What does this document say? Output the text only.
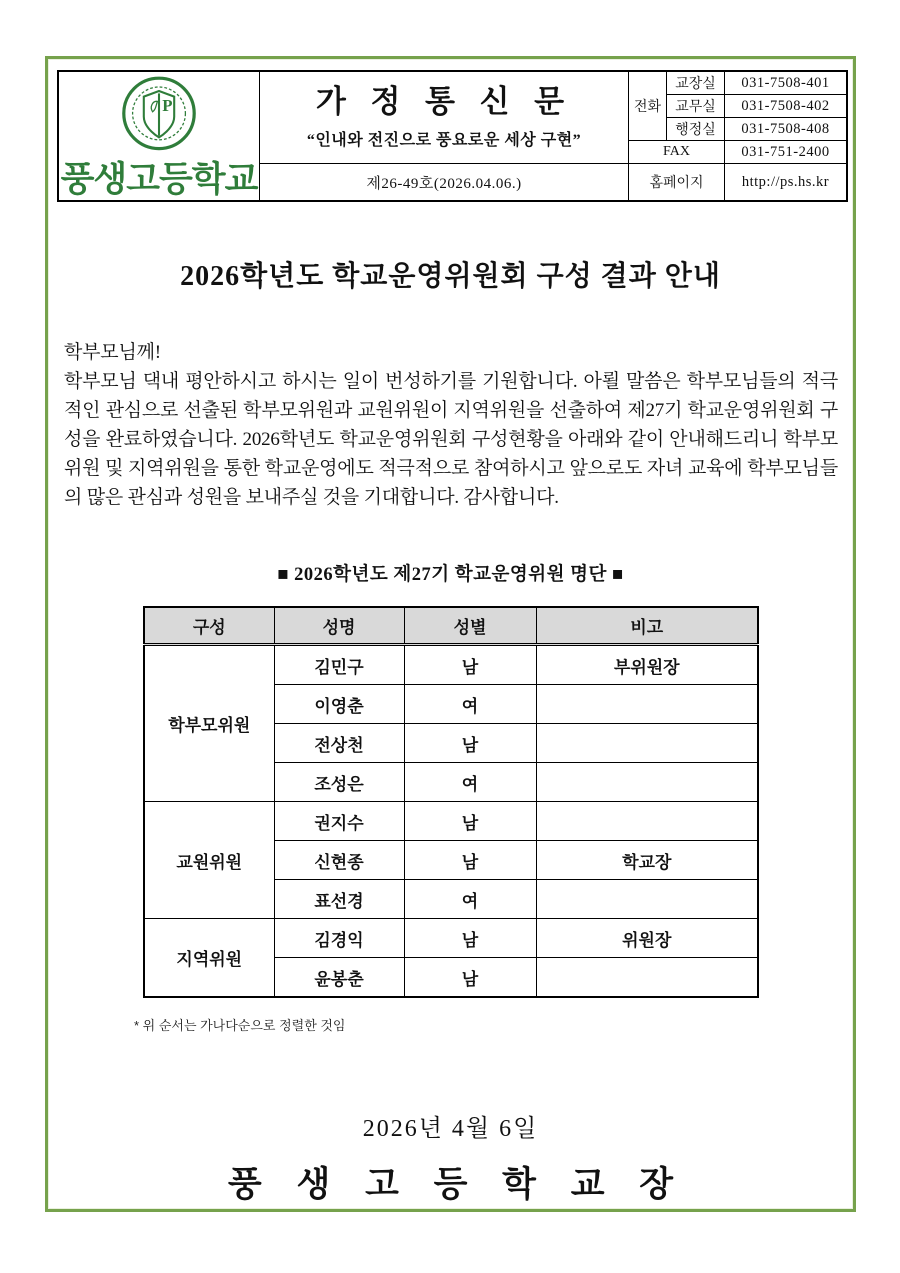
P
풍생고등학교

가 정 통 신 문
“인내와 전진으로 풍요로운 세상 구현”
	전화	교장실	031-7508-401
			교무실	031-7508-402
			행정실	031-7508-408
		FAX		031-751-2400
	제26-49호(2026.04.06.)	홈페이지		http://ps.hs.kr
2026학년도 학교운영위원회 구성 결과 안내
학부모님께!
학부모님 댁내 평안하시고 하시는 일이 번성하기를 기원합니다. 아뢸 말씀은 학부모님들의 적극적인 관심으로 선출된 학부모위원과 교원위원이 지역위원을 선출하여 제27기 학교운영위원회 구성을 완료하였습니다. 2026학년도 학교운영위원회 구성현황을 아래와 같이 안내해드리니 학부모위원 및 지역위원을 통한 학교운영에도 적극적으로 참여하시고 앞으로도 자녀 교육에 학부모님들의 많은 관심과 성원을 보내주실 것을 기대합니다. 감사합니다.
■ 2026학년도 제27기 학교운영위원 명단 ■
구성	성명	성별	비고
학부모위원	김민구	남	부위원장
	이영춘	여	
	전상천	남	
	조성은	여	
교원위원	권지수	남	
	신현종	남	학교장
	표선경	여	
지역위원	김경익	남	위원장
	윤봉춘	남	
* 위 순서는 가나다순으로 정렬한 것임
2026년 4월 6일
풍 생 고 등 학 교 장
